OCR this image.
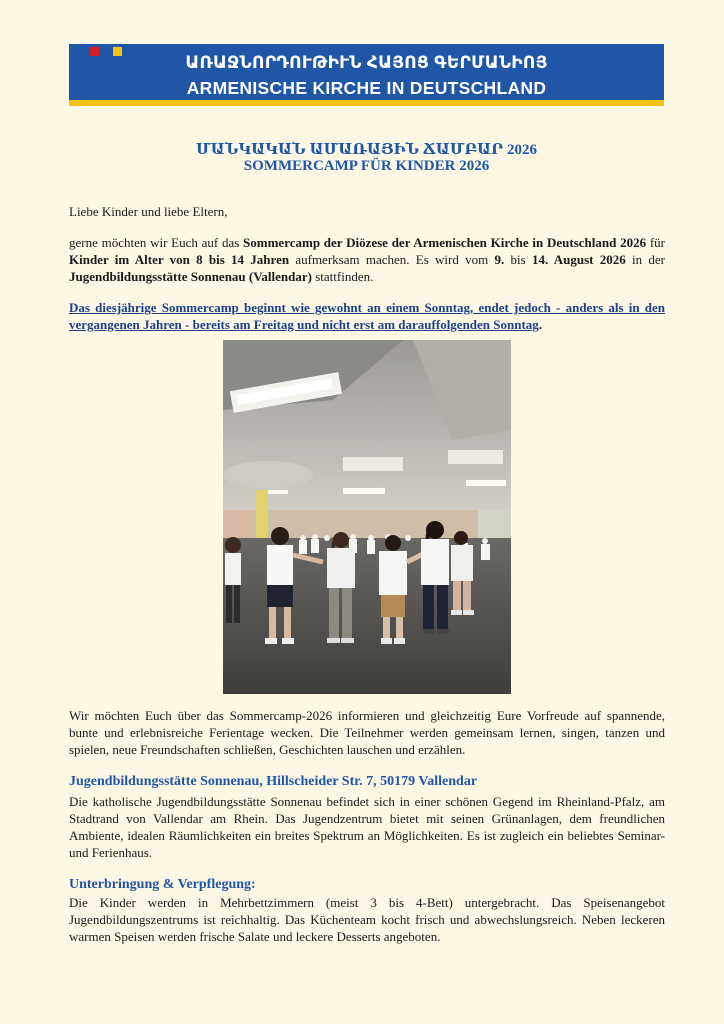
ԱՌԱՋՆՈՐԴՈՒԹԻՒՆ ՀԱՅՈՑ ԳԵՐՄԱՆԻՈՅ
ARMENISCHE KIRCHE IN DEUTSCHLAND
ՄԱՆԿԱԿԱՆ ԱՄԱՌԱՅԻՆ ՃԱՄԲԱՐ 2026
SOMMERCAMP FÜR KINDER 2026
Liebe Kinder und liebe Eltern,
gerne möchten wir Euch auf das Sommercamp der Diözese der Armenischen Kirche in Deutschland 2026 für Kinder im Alter von 8 bis 14 Jahren aufmerksam machen. Es wird vom 9. bis 14. August 2026 in der Jugendbildungsstätte Sonnenau (Vallendar) stattfinden.
Das diesjährige Sommercamp beginnt wie gewohnt an einem Sonntag, endet jedoch - anders als in den vergangenen Jahren - bereits am Freitag und nicht erst am darauffolgenden Sonntag.
Wir möchten Euch über das Sommercamp-2026 informieren und gleichzeitig Eure Vorfreude auf spannende, bunte und erlebnisreiche Ferientage wecken. Die Teilnehmer werden gemeinsam lernen, singen, tanzen und spielen, neue Freundschaften schließen, Geschichten lauschen und erzählen.
Jugendbildungsstätte Sonnenau, Hillscheider Str. 7, 50179 Vallendar
Die katholische Jugendbildungsstätte Sonnenau befindet sich in einer schönen Gegend im Rheinland-Pfalz, am Stadtrand von Vallendar am Rhein. Das Jugendzentrum bietet mit seinen Grünanlagen, dem freundlichen Ambiente, idealen Räumlichkeiten ein breites Spektrum an Möglichkeiten. Es ist zugleich ein beliebtes Seminar- und Ferienhaus.
Unterbringung & Verpflegung:
Die Kinder werden in Mehrbettzimmern (meist 3 bis 4-Bett) untergebracht. Das Speisenangebot Jugendbildungszentrums ist reichhaltig. Das Küchenteam kocht frisch und abwechslungsreich. Neben leckeren warmen Speisen werden frische Salate und leckere Desserts angeboten.
